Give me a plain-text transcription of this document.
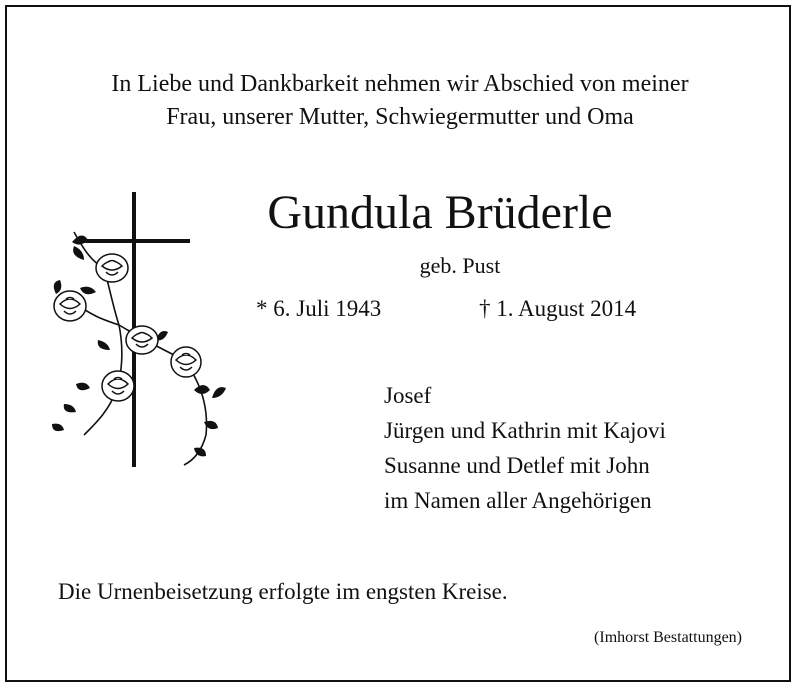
In Liebe und Dankbarkeit nehmen wir Abschied von meiner
Frau, unserer Mutter, Schwiegermutter und Oma
Gundula Brüderle
geb. Pust
* 6. Juli 1943	† 1. August 2014
Josef
Jürgen und Kathrin mit Kajovi
Susanne und Detlef mit John
im Namen aller Angehörigen
Die Urnenbeisetzung erfolgte im engsten Kreise.
(Imhorst Bestattungen)
